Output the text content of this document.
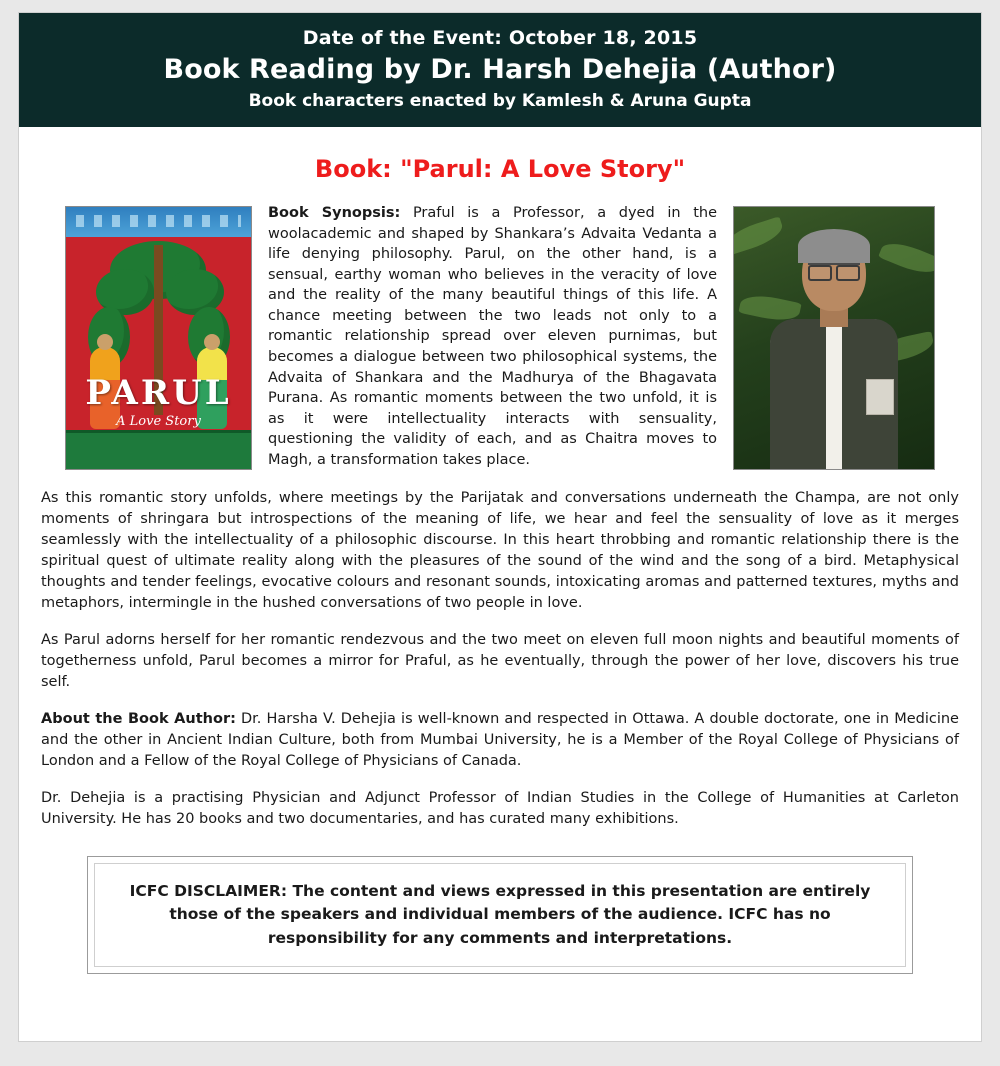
Date of the Event: October 18, 2015
Book Reading by Dr. Harsh Dehejia (Author)
Book characters enacted by Kamlesh & Aruna Gupta
Book: "Parul: A Love Story"
PARUL
A Love Story
Book Synopsis: Praful is a Professor, a dyed in the woolacademic and shaped by Shankara’s Advaita Vedanta a life denying philosophy. Parul, on the other hand, is a sensual, earthy woman who believes in the veracity of love and the reality of the many beautiful things of this life. A chance meeting between the two leads not only to a romantic relationship spread over eleven purnimas, but becomes a dialogue between two philosophical systems, the Advaita of Shankara and the Madhurya of the Bhagavata Purana. As romantic moments between the two unfold, it is as it were intellectuality interacts with sensuality, questioning the validity of each, and as Chaitra moves to Magh, a transformation takes place.

As this romantic story unfolds, where meetings by the Parijatak and conversations underneath the Champa, are not only moments of shringara but introspections of the meaning of life, we hear and feel the sensuality of love as it merges seamlessly with the intellectuality of a philosophic discourse. In this heart throbbing and romantic relationship there is the spiritual quest of ultimate reality along with the pleasures of the sound of the wind and the song of a bird. Metaphysical thoughts and tender feelings, evocative colours and resonant sounds, intoxicating aromas and patterned textures, myths and metaphors, intermingle in the hushed conversations of two people in love.

As Parul adorns herself for her romantic rendezvous and the two meet on eleven full moon nights and beautiful moments of togetherness unfold, Parul becomes a mirror for Praful, as he eventually, through the power of her love, discovers his true self.

About the Book Author: Dr. Harsha V. Dehejia is well-known and respected in Ottawa. A double doctorate, one in Medicine and the other in Ancient Indian Culture, both from Mumbai University, he is a Member of the Royal College of Physicians of London and a Fellow of the Royal College of Physicians of Canada.

Dr. Dehejia is a practising Physician and Adjunct Professor of Indian Studies in the College of Humanities at Carleton University. He has 20 books and two documentaries, and has curated many exhibitions.

ICFC DISCLAIMER: The content and views expressed in this presentation are entirely those of the speakers and individual members of the audience. ICFC has no responsibility for any comments and interpretations.
